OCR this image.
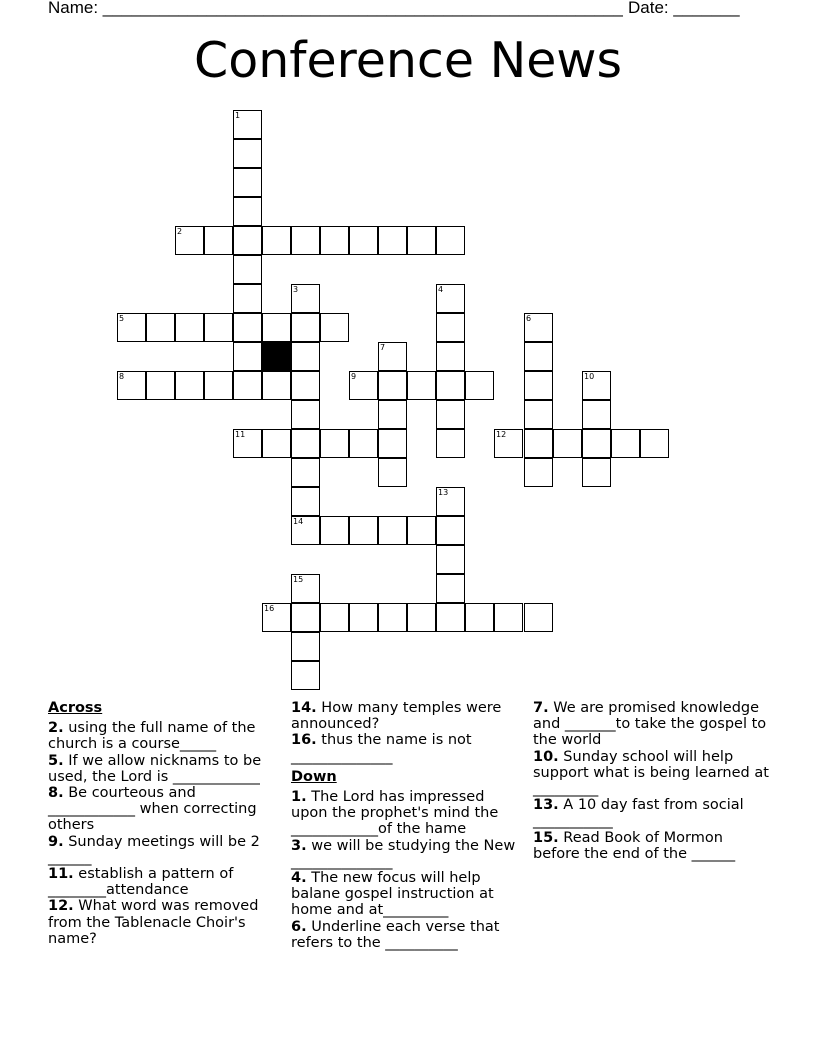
Name: _______________________________________________________ Date: _______
Conference News
1
2
3	4
5	6
7
8	9	10
11	12
13
14
15
16
Across
2. using the full name of the church is a course_____
5. If we allow nicknams to be used, the Lord is ____________
8. Be courteous and ____________ when correcting others
9. Sunday meetings will be 2 ______
11. establish a pattern of ________attendance
12. What word was removed from the Tablenacle Choir's name?
14. How many temples were announced?
16. thus the name is not ______________
Down
1. The Lord has impressed upon the prophet's mind the ____________of the hame
3. we will be studying the New ______________
4. The new focus will help balane gospel instruction at home and at_________
6. Underline each verse that refers to the __________
7. We are promised knowledge and _______to take the gospel to the world
10. Sunday school will help support what is being learned at _________
13. A 10 day fast from social ___________
15. Read Book of Mormon before the end of the ______
